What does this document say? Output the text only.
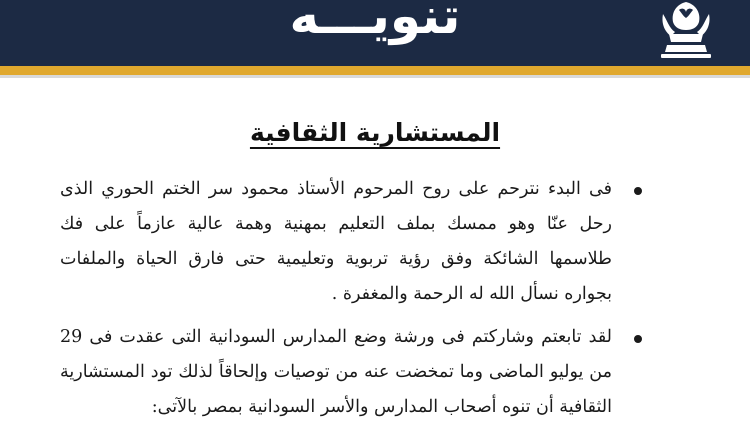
تنويـــه
المستشارية الثقافية

فى البدء نترحم على روح المرحوم الأستاذ محمود سر الختم الحوري الذى رحل عنّا وهو ممسك بملف التعليم بمهنية وهمة عالية عازماً على فك طلاسمها الشائكة وفق رؤية تربوية وتعليمية حتى فارق الحياة والملفات بجواره نسأل الله له الرحمة والمغفرة .

لقد تابعتم وشاركتم فى ورشة وضع المدارس السودانية التى عقدت فى 29 من يوليو الماضى وما تمخضت عنه من توصيات وإلحاقاً لذلك تود المستشارية الثقافية أن تنوه أصحاب المدارس والأسر السودانية بمصر بالآتى:
